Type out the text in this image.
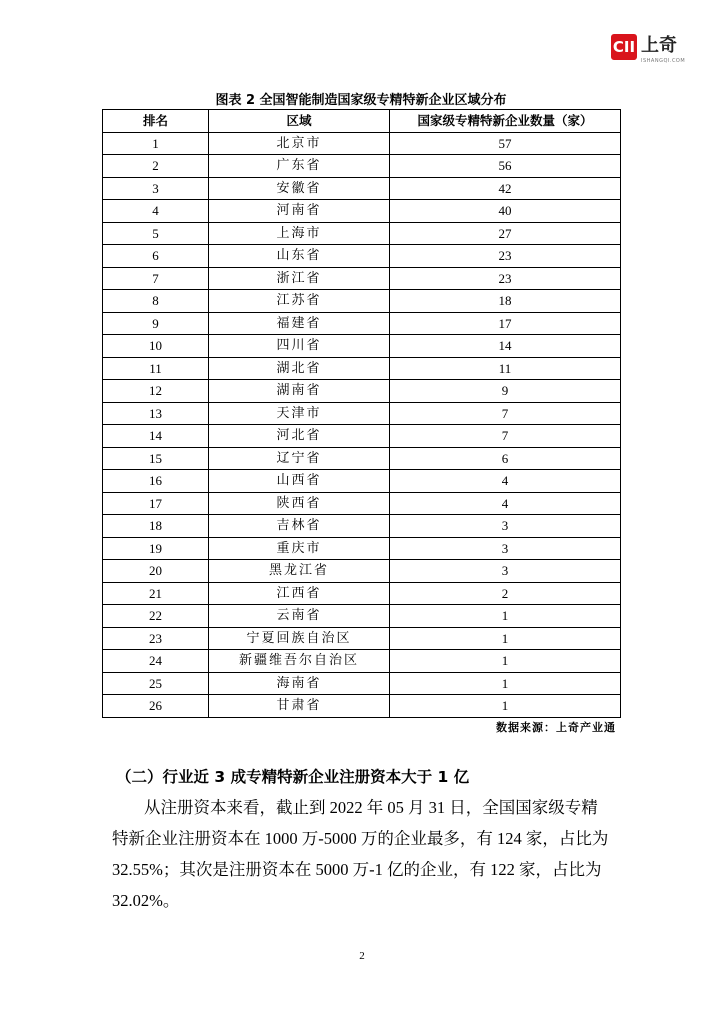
CII 上奇
ISHANGQI.COM
图表 2 全国智能制造国家级专精特新企业区域分布
排名	区域	国家级专精特新企业数量（家）
1	北京市	57
2	广东省	56
3	安徽省	42
4	河南省	40
5	上海市	27
6	山东省	23
7	浙江省	23
8	江苏省	18
9	福建省	17
10	四川省	14
11	湖北省	11
12	湖南省	9
13	天津市	7
14	河北省	7
15	辽宁省	6
16	山西省	4
17	陕西省	4
18	吉林省	3
19	重庆市	3
20	黑龙江省	3
21	江西省	2
22	云南省	1
23	宁夏回族自治区	1
24	新疆维吾尔自治区	1
25	海南省	1
26	甘肃省	1
数据来源：上奇产业通
（二）行业近 3 成专精特新企业注册资本大于 1 亿
从注册资本来看，截止到 2022 年 05 月 31 日，全国国家级专精
特新企业注册资本在 1000 万-5000 万的企业最多，有 124 家，占比为
32.55%；其次是注册资本在 5000 万-1 亿的企业，有 122 家，占比为
32.02%。
2
